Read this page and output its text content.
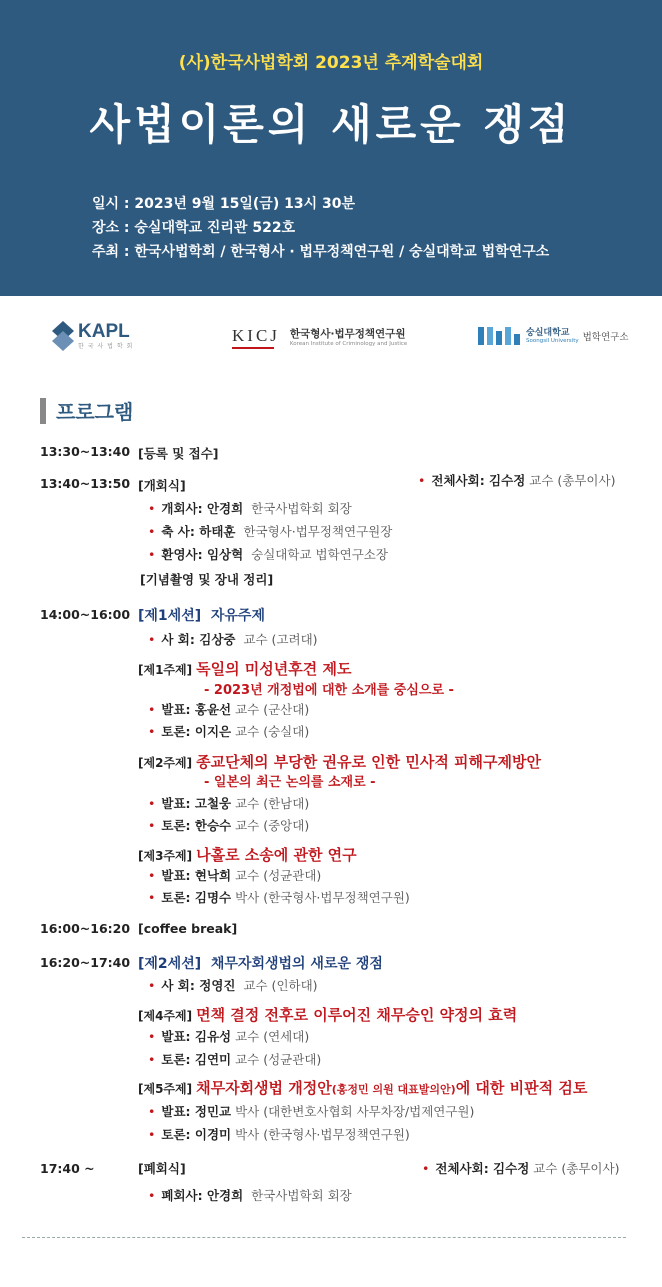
(사)한국사법학회 2023년 추계학술대회
사법이론의 새로운 쟁점
일시 : 2023년 9월 15일(금) 13시 30분
장소 : 숭실대학교 진리관 522호
주최 : 한국사법학회 / 한국형사 · 법무정책연구원 / 숭실대학교 법학연구소
KAPL
한 국 사 법 학 회
KICJ 한국형사·법무정책연구원
Korean Institute of Criminology and Justice
숭실대학교
Soongsil University 법학연구소
프로그램
13:30~13:40 [등록 및 접수]
13:40~13:50 [개회식]	• 전체사회: 김수정 교수 (총무이사)
• 개회사: 안경희 한국사법학회 회장
• 축 사: 하태훈 한국형사·법무정책연구원장
• 환영사: 임상혁 숭실대학교 법학연구소장
[기념촬영 및 장내 정리]
14:00~16:00 [제1세션] 자유주제
• 사 회: 김상중 교수 (고려대)
[제1주제] 독일의 미성년후견 제도
- 2023년 개정법에 대한 소개를 중심으로 -
• 발표: 홍윤선 교수 (군산대)
• 토론: 이지은 교수 (숭실대)
[제2주제] 종교단체의 부당한 권유로 인한 민사적 피해구제방안
- 일본의 최근 논의를 소재로 -
• 발표: 고철웅 교수 (한남대)
• 토론: 한승수 교수 (중앙대)
[제3주제] 나홀로 소송에 관한 연구
• 발표: 현낙희 교수 (성균관대)
• 토론: 김명수 박사 (한국형사·법무정책연구원)
16:00~16:20 [coffee break]
16:20~17:40 [제2세션] 채무자회생법의 새로운 쟁점
• 사 회: 정영진 교수 (인하대)
[제4주제] 면책 결정 전후로 이루어진 채무승인 약정의 효력
• 발표: 김유성 교수 (연세대)
• 토론: 김연미 교수 (성균관대)
[제5주제] 채무자회생법 개정안(홍정민 의원 대표발의안)에 대한 비판적 검토
• 발표: 정민교 박사 (대한변호사협회 사무차장/법제연구원)
• 토론: 이경미 박사 (한국형사·법무정책연구원)
17:40 ~	[폐회식]	• 전체사회: 김수정 교수 (총무이사)
• 폐회사: 안경희 한국사법학회 회장
